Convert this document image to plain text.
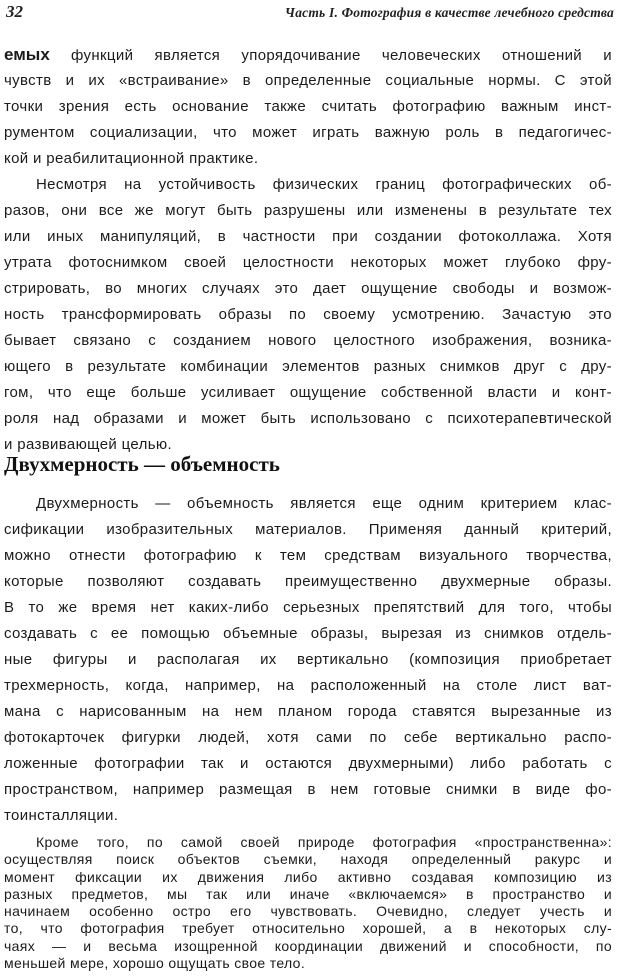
32	Часть I. Фотография в качестве лечебного средства
емых функций является упорядочивание человеческих отношений и
чувств и их «встраивание» в определенные социальные нормы. С этой
точки зрения есть основание также считать фотографию важным инст-
рументом социализации, что может играть важную роль в педагогичес-
кой и реабилитационной практике.
Несмотря на устойчивость физических границ фотографических об-
разов, они все же могут быть разрушены или изменены в результате тех
или иных манипуляций, в частности при создании фотоколлажа. Хотя
утрата фотоснимком своей целостности некоторых может глубоко фру-
стрировать, во многих случаях это дает ощущение свободы и возмож-
ность трансформировать образы по своему усмотрению. Зачастую это
бывает связано с созданием нового целостного изображения, возника-
ющего в результате комбинации элементов разных снимков друг с дру-
гом, что еще больше усиливает ощущение собственной власти и конт-
роля над образами и может быть использовано с психотерапевтической
и развивающей целью.
Двухмерность — объемность
Двухмерность — объемность является еще одним критерием клас-
сификации изобразительных материалов. Применяя данный критерий,
можно отнести фотографию к тем средствам визуального творчества,
которые позволяют создавать преимущественно двухмерные образы.
В то же время нет каких-либо серьезных препятствий для того, чтобы
создавать с ее помощью объемные образы, вырезая из снимков отдель-
ные фигуры и располагая их вертикально (композиция приобретает
трехмерность, когда, например, на расположенный на столе лист ват-
мана с нарисованным на нем планом города ставятся вырезанные из
фотокарточек фигурки людей, хотя сами по себе вертикально распо-
ложенные фотографии так и остаются двухмерными) либо работать с
пространством, например размещая в нем готовые снимки в виде фо-
тоинсталляции.
Кроме того, по самой своей природе фотография «пространственна»:
осуществляя поиск объектов съемки, находя определенный ракурс и
момент фиксации их движения либо активно создавая композицию из
разных предметов, мы так или иначе «включаемся» в пространство и
начинаем особенно остро его чувствовать. Очевидно, следует учесть и
то, что фотография требует относительно хорошей, а в некоторых слу-
чаях — и весьма изощренной координации движений и способности, по
меньшей мере, хорошо ощущать свое тело.
